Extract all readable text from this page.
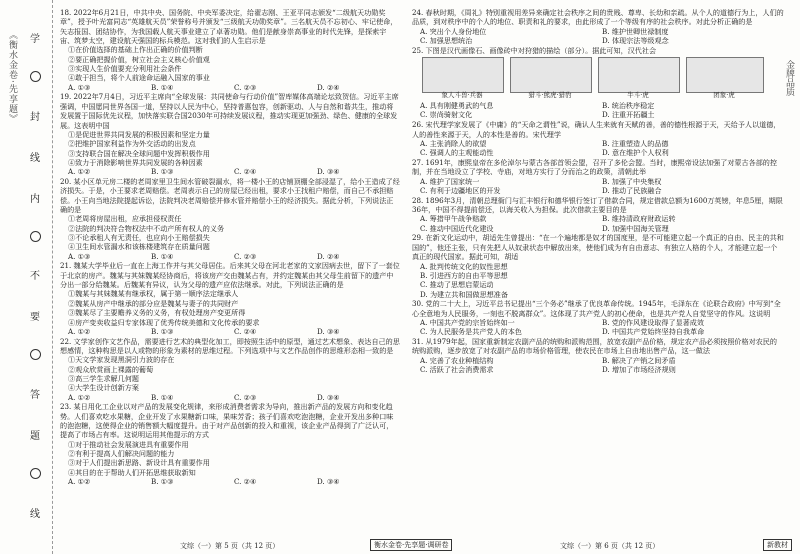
《衡水金卷·先享题》 学
封
线
内
不
要
答
题
线
金牌品质
18. 2022年6月21日，中共中央、国务院、中央军委决定，给翟志刚、王亚平同志颁发“二级航天功勋奖章”，授予叶光富同志“英雄航天员”荣誉称号并颁发“三级航天功勋奖章”。三名航天员不忘初心、牢记使命，矢志报国、团结协作，为我国载人航天事业建立了卓著功勋。他们是献身崇高事业的时代先锋，是探索宇宙、筑梦太空，建设航天强国的标兵模范。这对我们的人生启示是
①在价值选择的基础上作出正确的价值判断
②要正确把握价值，树立社会主义核心价值观
③实现人生价值要充分利用社会条件
④敢于担当，将个人前途命运融入国家的事业
A. ①③	B. ①④	C. ②③	D. ②④
19. 2022年7月4日，习近平主席向“全球发展：共同使命与行动价值”智库媒体高端论坛致贺信。习近平主席强调，中国愿同世界各国一道，坚持以人民为中心，坚持普惠包容，创新驱动、人与自然和谐共生，推动将发展置于国际优先议程，加快落实联合国2030年可持续发展议程，推动实现更加强劲、绿色、健康的全球发展。这表明中国
①是促进世界共同发展的积极因素和坚定力量
②把维护国家利益作为外交活动的出发点
③支持联合国在解决全球问题中发挥积极作用
④致力于消除影响世界共同发展的各种因素
A. ①②	B. ①③	C. ②④	D. ③④
20. 某小区单元房二楼的老周家里卫生间水管破裂漏水，将一楼小王的店铺顶棚全部浸湿了，给小王造成了经济损失。于是，小王要求老周赔偿。老周表示自己的房屋已经出租，要求小王找租户赔偿，而自己不承担赔偿。小王向当地法院提起诉讼，法院判决老周赔偿并修水管并赔偿小王的经济损失。据此分析，下列说法正确的是
①老周将房屋出租，应承担侵权责任
②法院的判决符合物权法中不动产所有权人的义务
③不论承租人有无责任，也应向小王赔偿损失
④卫生间水管漏水和该栋楼建筑存在质量问题
A. ①③	B. ①④	C. ②③	D. ②④
21. 魏某大学毕业后一直在上海工作并与其父母居住。后来其父母在河北老家的文家因病去世，留下了一套位于北京的房产。魏某与其妹魏某经协商后，将该房产交由魏某占有，并约定魏某由其父母生前留下的遗产中分出一部分给魏某。后魏某有异议，认为父母的遗产应依法继承。对此，下列说法正确的是
①魏某与其妹魏某有继承权，属于第一顺序法定继承人
②魏某从房产中继承的部分应是魏某与妻子的共同财产
③魏某尽了主要赡养义务的义务，有权处理房产变更所得
④房产变卖收益归专家体现了优秀传统美德和文化传承的要求
A. ①②	B. ①③	C. ②④	D. ③④
22. 文学家创作文艺作品，需要进行艺术的典型化加工，即按照生活中的原型，通过艺术想象、表达自己的思想感情，这种构思是以人或物的形象为素材的思维过程。下列选项中与文艺作品创作的思维形态相一致的是
①天文学家发现黑洞引力波的存在
②观众欣赏画上裸露的葡萄
③高三学生求解几何题
④大学生设计创新方案
A. ①②	B. ①④	C. ②③	D. ③④
23. 某日用化工企业以对产品的发展变化规律，来形成消费者需求为导向，推出新产品的发展方向和变化趋势。人们喜欢吃水果糖，企业开发了水果糖新口味，果味芳香；孩子们喜欢吃泡泡糖，企业开发出多种口味的泡泡糖，这使得企业的销售额大幅度提升。由于对产品创新的投入和重视，该企业产品得到了广泛认可，提高了市场占有率。这说明运用其他提示的方式
①对于推动社会发展演进具有重要作用
②有利于提高人们解决问题的能力
③对于人们提出新思路、新设计具有重要作用
④其目的在于帮助人们开拓思维获取新知
A. ①②	B. ①③	C. ②④	D. ③④
24. 春秋时期，《周礼》特别重视用差异来确定社会秩序之间的贵贱、尊卑、长幼和亲疏。从个人的道德行为上，人们的品质，到对秩序中的个人的地位、职责和礼的要求，由此形成了一个等级有序的社会秩序。对此分析正确的是
A. 突出个人身份地位	B. 维护世卿世禄制度
C. 加强思想统治	D. 体现宗法等级观念
25. 下图是汉代画像石、画像砖中对狩猎的描绘（部分）。据此可知，汉代社会
象人斗兽·兵器	猎斗·熊虎·猎豹	牛斗·虎	团象·虎
A. 具有刚健勇武的气息	B. 统治秩序稳定
C. 崇尚骑射文化	D. 注重开拓疆土
26. 宋代理学家发展了《中庸》的“天命之谓性”说，确认人生来就有天赋的善，善的德性根源于天，天给予人以道德，人的善性来源于天，人的本性是善的。宋代理学
A. 主张消除人的欲望	B. 注重塑造人的品德
C. 强调人的主观能动性	D. 意在维护个人权利
27. 1691年，康熙皇帝在多伦淖尔与蒙古各部首领会盟，召开了多伦会盟。当时，康熙帝设法加强了对蒙古各部的控制，并在当地设立了学校、寺庙，对地方实行了分而治之的政策，清朝此举
A. 维护了国家统一	B. 加强了中央集权
C. 有利于边疆地区的开发	D. 推动了民族融合
28. 1896年3月，清朝总理衙门与汇丰银行和德华银行签订了借款合同，规定借款总额为1600万英镑，年息5厘，期限36年，中国不得提前偿还，以海关收入为担保。此次借款主要目的是
A. 筹措甲午战争赔款	B. 维持清政府财政运转
C. 推动中国近代化建设	D. 加强中国海关管理
29. 在新文化运动中，胡适先生曾提出：“在一个遍地都是奴才的国度里，是不可能建立起一个真正的自由、民主的共和国的”，他还主张，只有先把人从奴隶状态中解放出来，使他们成为有自由意志、有独立人格的个人，才能建立起一个真正的现代国家。据此可知，胡适
A. 批判传统文化的奴性思想
B. 引进西方的自由平等思想
C. 推动了思想启蒙运动
D. 为建立共和国做思想准备
30. 党的二十大上，习近平总书记提出“三个务必”继承了优良革命传统。1945年，毛泽东在《论联合政府》中写到“全心全意地为人民服务，一刻也不脱离群众”。这体现了共产党人的初心使命，也是共产党人自觉坚守的作风。这说明
A. 中国共产党的宗旨始终如一	B. 党的作风建设取得了显著成效
C. 为人民服务是共产党人的本色	D. 中国共产党始终坚持自我革命
31. 从1979年起，国家重新制定农副产品的统购和派购范围，放宽农副产品价格，规定农产品必须按照价格对农民的统购派购，逐步放宽了对农副产品的市场价格管理，使农民在市场上自由地出售产品，这一做法
A. 完善了农业种植结构	B. 解决了产销之间矛盾
C. 活跃了社会消费需求	D. 增加了市场经济规则
文综（一）第 5 页（共 12 页）	衡水金卷·先享题·调研卷	文综（一）第 6 页（共 12 页）	新教材
